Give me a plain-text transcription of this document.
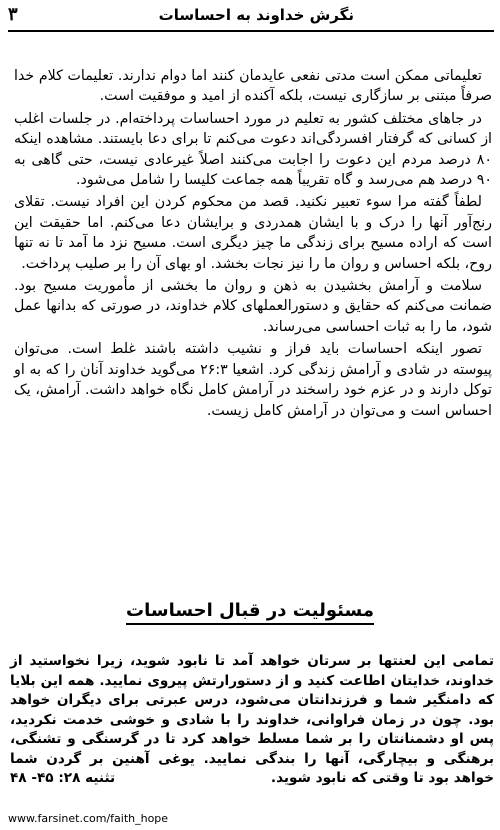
نگرش خداوند به احساسات
۳

تعلیماتی ممکن است مدتی نفعی عایدمان کنند اما دوام ندارند. تعلیمات کلام خدا صرفاً مبتنی بر سازگاری نیست، بلکه آکنده از امید و موفقیت است.

در جاهای مختلف کشور به تعلیم در مورد احساسات پرداخته‌ام. در جلسات اغلب از کسانی که گرفتار افسردگی‌اند دعوت می‌کنم تا برای دعا بایستند. مشاهده اینکه ۸۰ درصد مردم این دعوت را اجابت می‌کنند اصلاً غیرعادی نیست، حتی گاهی به ۹۰ درصد هم می‌رسد و گاه تقریباً همه جماعت کلیسا را شامل می‌شود.

لطفاً گفته مرا سوء تعبیر نکنید. قصد من محکوم کردن این افراد نیست. تقلای رنج‌آور آنها را درک و با ایشان همدردی و برایشان دعا می‌کنم. اما حقیقت این است که اراده مسیح برای زندگی ما چیز دیگری است. مسیح نزد ما آمد تا نه تنها روح، بلکه احساس و روان ما را نیز نجات بخشد. او بهای آن را بر صلیب پرداخت.

سلامت و آرامش بخشیدن به ذهن و روان ما بخشی از مأموریت مسیح بود. ضمانت می‌کنم که حقایق و دستورالعملهای کلام خداوند، در صورتی که بدانها عمل شود، ما را به ثبات احساسی می‌رساند.

تصور اینکه احساسات باید فراز و نشیب داشته باشند غلط است. می‌توان پیوسته در شادی و آرامش زندگی کرد. اشعیا ۲۶:۳ می‌گوید خداوند آنان را که به او توکل دارند و در عزم خود راسخند در آرامش کامل نگاه خواهد داشت. آرامش، یک احساس است و می‌توان در آرامش کامل زیست.

مسئولیت در قبال احساسات
تمامی این لعنتها بر سرتان خواهد آمد تا نابود شوید، زیرا نخواستید از خداوند، خدایتان اطاعت کنید و از دستورارتش پیروی نمایید. همه این بلایا که دامنگیر شما و فرزندانتان می‌شود، درس عبرتی برای دیگران خواهد بود. چون در زمان فراوانی، خداوند را با شادی و خوشی خدمت نکردید، پس او دشمنانتان را بر شما مسلط خواهد کرد تا در گرسنگی و تشنگی، برهنگی و بیچارگی، آنها را بندگی نمایید. یوغی آهنین بر گردن شما خواهد بود تا وقتی که نابود شوید.
تثنیه ۲۸: ۴۵- ۴۸
www.farsinet.com/faith_hope
